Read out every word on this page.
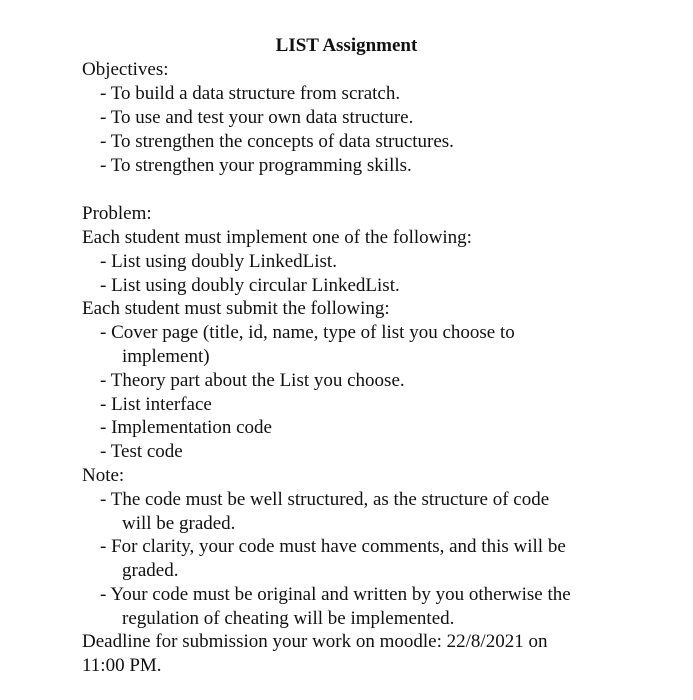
LIST Assignment
Objectives:
- To build a data structure from scratch.
- To use and test your own data structure.
- To strengthen the concepts of data structures.
- To strengthen your programming skills.
Problem:
Each student must implement one of the following:
- List using doubly LinkedList.
- List using doubly circular LinkedList.
Each student must submit the following:
- Cover page (title, id, name, type of list you choose to
implement)
- Theory part about the List you choose.
- List interface
- Implementation code
- Test code
Note:
- The code must be well structured, as the structure of code
will be graded.
- For clarity, your code must have comments, and this will be
graded.
- Your code must be original and written by you otherwise the
regulation of cheating will be implemented.
Deadline for submission your work on moodle: 22/8/2021 on
11:00 PM.
